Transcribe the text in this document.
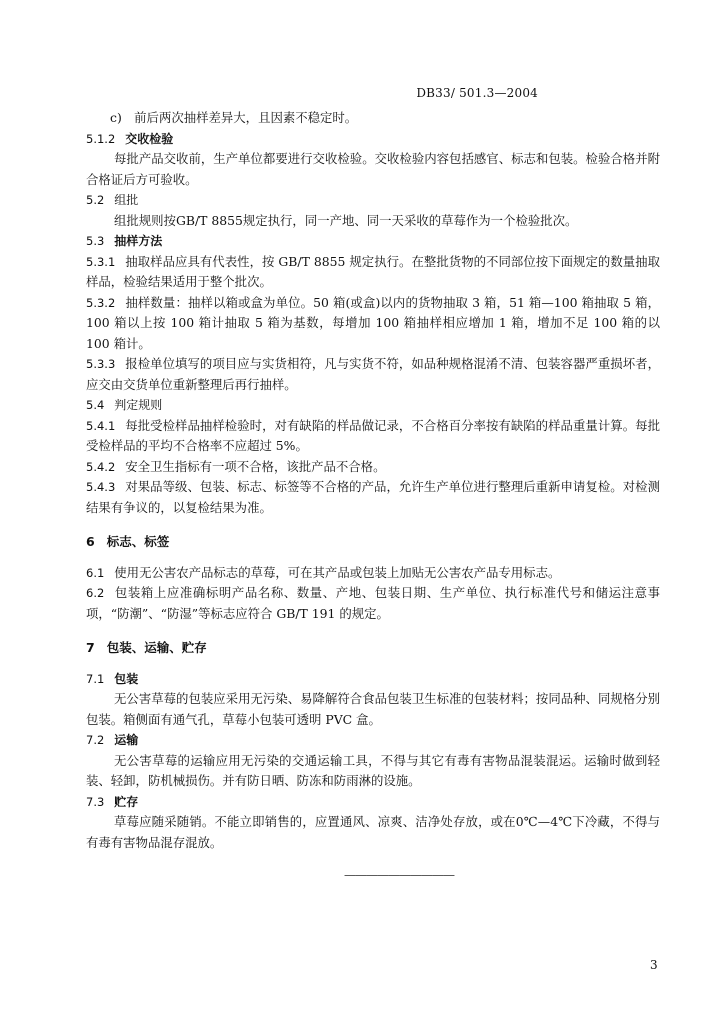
DB33/ 501.3—2004

c)　前后两次抽样差异大，且因素不稳定时。

5.1.2 交收检验

每批产品交收前，生产单位都要进行交收检验。交收检验内容包括感官、标志和包装。检验合格并附合格证后方可验收。

5.2 组批

组批规则按GB/T 8855规定执行，同一产地、同一天采收的草莓作为一个检验批次。

5.3 抽样方法

5.3.1 抽取样品应具有代表性，按 GB/T 8855 规定执行。在整批货物的不同部位按下面规定的数量抽取样品，检验结果适用于整个批次。

5.3.2 抽样数量：抽样以箱或盒为单位。50 箱(或盒)以内的货物抽取 3 箱，51 箱—100 箱抽取 5 箱，100 箱以上按 100 箱计抽取 5 箱为基数，每增加 100 箱抽样相应增加 1 箱，增加不足 100 箱的以 100 箱计。

5.3.3 报检单位填写的项目应与实货相符，凡与实货不符，如品种规格混淆不清、包装容器严重损坏者，应交由交货单位重新整理后再行抽样。

5.4 判定规则

5.4.1 每批受检样品抽样检验时，对有缺陷的样品做记录，不合格百分率按有缺陷的样品重量计算。每批受检样品的平均不合格率不应超过 5%。

5.4.2 安全卫生指标有一项不合格，该批产品不合格。

5.4.3 对果品等级、包装、标志、标签等不合格的产品，允许生产单位进行整理后重新申请复检。对检测结果有争议的，以复检结果为准。

6 标志、标签

6.1 使用无公害农产品标志的草莓，可在其产品或包装上加贴无公害农产品专用标志。

6.2 包装箱上应准确标明产品名称、数量、产地、包装日期、生产单位、执行标准代号和储运注意事项，“防潮”、“防湿”等标志应符合 GB/T 191 的规定。

7 包装、运输、贮存

7.1 包装

无公害草莓的包装应采用无污染、易降解符合食品包装卫生标准的包装材料；按同品种、同规格分别包装。箱侧面有通气孔，草莓小包装可透明 PVC 盒。

7.2 运输

无公害草莓的运输应用无污染的交通运输工具，不得与其它有毒有害物品混装混运。运输时做到轻装、轻卸，防机械损伤。并有防日晒、防冻和防雨淋的设施。

7.3 贮存

草莓应随采随销。不能立即销售的，应置通风、凉爽、洁净处存放，或在0℃—4℃下冷藏，不得与有毒有害物品混存混放。

——————————
3
